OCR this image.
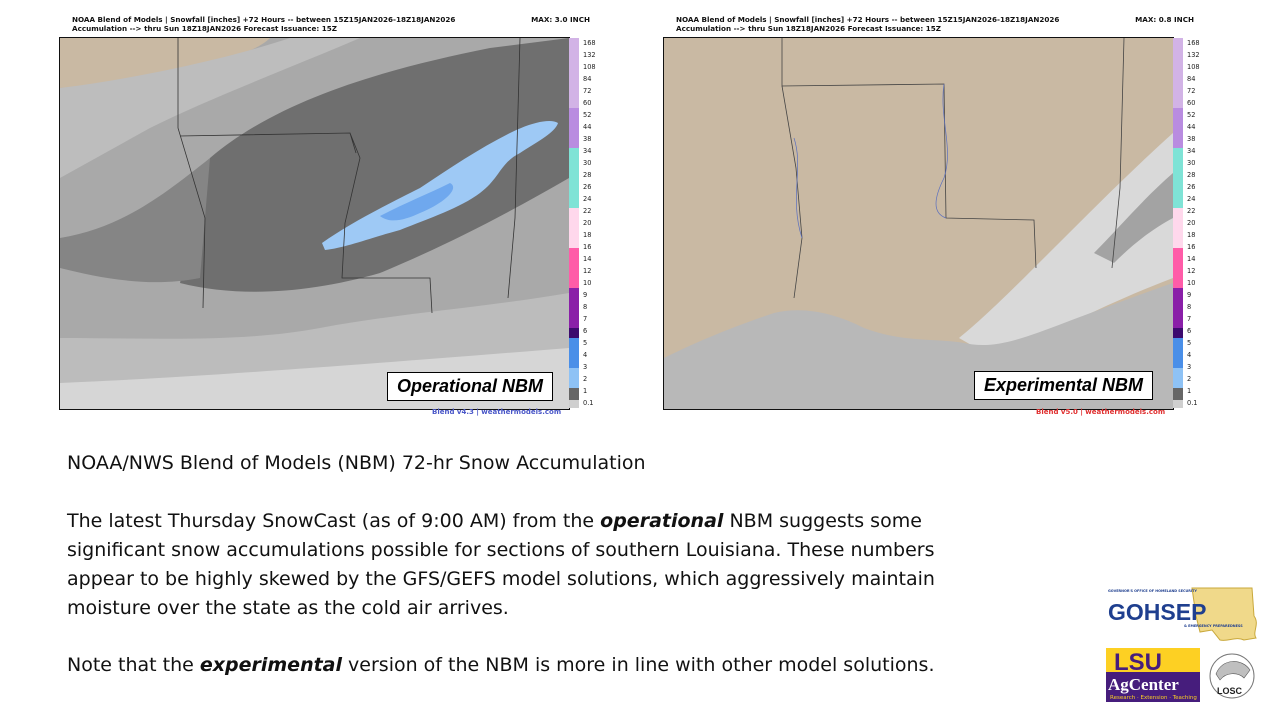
NOAA Blend of Models | Snowfall [inches] +72 Hours -- between 15Z15JAN2026-18Z18JAN2026
Accumulation --> thru Sun 18Z18JAN2026 Forecast Issuance: 15Z
MAX: 3.0 INCH
168
132
108
84
72
60
52
44
38
34
30
28
26
24
22
20
18
16
14
12
10
9
8
7
6
5
4
3
2
1
0.1
Operational NBM
Blend v4.3 | weathermodels.com
NOAA Blend of Models | Snowfall [inches] +72 Hours -- between 15Z15JAN2026-18Z18JAN2026
Accumulation --> thru Sun 18Z18JAN2026 Forecast Issuance: 15Z
MAX: 0.8 INCH
168
132
108
84
72
60
52
44
38
34
30
28
26
24
22
20
18
16
14
12
10
9
8
7
6
5
4
3
2
1
0.1
Experimental NBM
Blend v5.0 | weathermodels.com

NOAA/NWS Blend of Models (NBM) 72-hr Snow Accumulation

The latest Thursday SnowCast (as of 9:00 AM) from the operational NBM suggests some significant snow accumulations possible for sections of southern Louisiana. These numbers appear to be highly skewed by the GFS/GEFS model solutions, which aggressively maintain moisture over the state as the cold air arrives.

Note that the experimental version of the NBM is more in line with other model solutions.

GOVERNOR'S OFFICE OF HOMELAND SECURITY
GOHSEP
& EMERGENCY PREPAREDNESS
LSU
AgCenter
Research · Extension · Teaching
LOSC
